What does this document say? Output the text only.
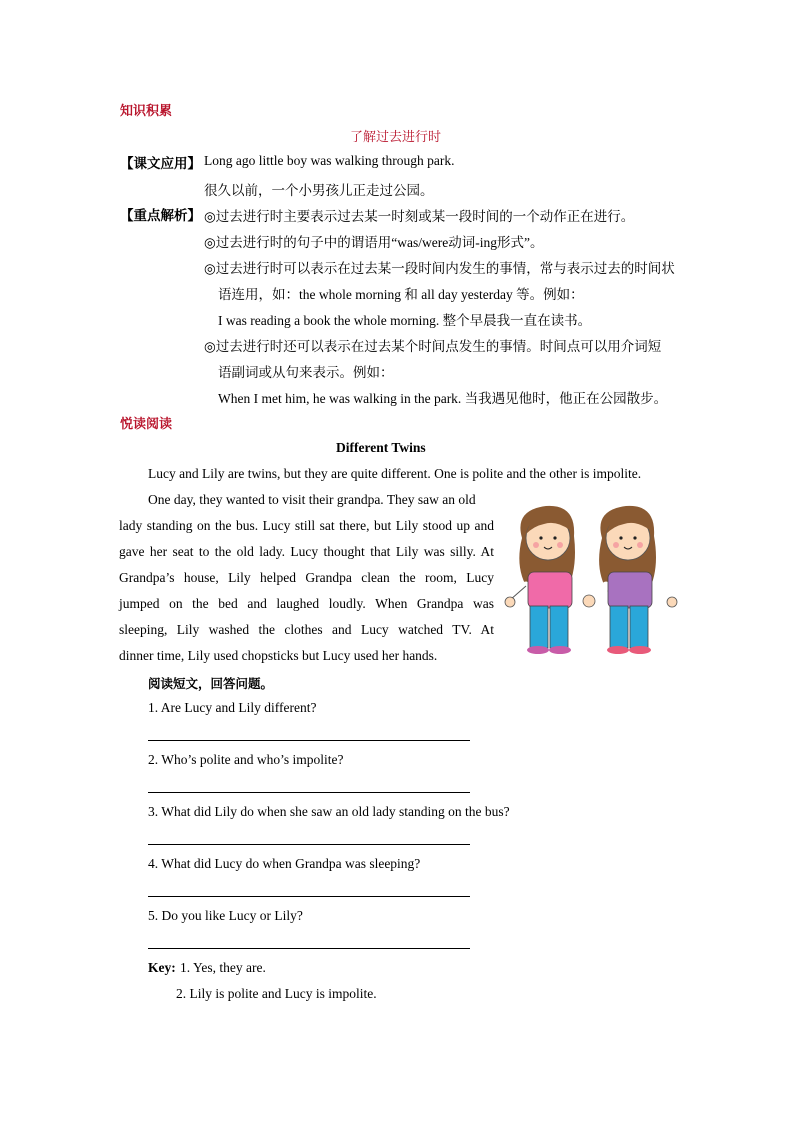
知识积累
了解过去进行时
【课文应用】 Long ago little boy was walking through park.
很久以前，一个小男孩儿正走过公园。
【重点解析】 ◎过去进行时主要表示过去某一时刻或某一段时间的一个动作正在进行。
◎过去进行时的句子中的谓语用“was/were动词-ing形式”。
◎过去进行时可以表示在过去某一段时间内发生的事情，常与表示过去的时间状
语连用，如：the whole morning 和 all day yesterday 等。例如：
I was reading a book the whole morning. 整个早晨我一直在读书。
◎过去进行时还可以表示在过去某个时间点发生的事情。时间点可以用介词短
语副词或从句来表示。例如：
When I met him, he was walking in the park. 当我遇见他时，他正在公园散步。
悦读阅读
Different Twins
Lucy and Lily are twins, but they are quite different. One is polite and the other is impolite.
One day, they wanted to visit their grandpa. They saw an old
lady standing on the bus. Lucy still sat there, but Lily stood up and
gave her seat to the old lady. Lucy thought that Lily was silly. At
Grandpa’s house, Lily helped Grandpa clean the room, Lucy
jumped on the bed and laughed loudly. When Grandpa was
sleeping, Lily washed the clothes and Lucy watched TV. At
dinner time, Lily used chopsticks but Lucy used her hands.
阅读短文，回答问题。
1. Are Lucy and Lily different?
2. Who’s polite and who’s impolite?
3. What did Lily do when she saw an old lady standing on the bus?
4. What did Lucy do when Grandpa was sleeping?
5. Do you like Lucy or Lily?
Key: 1. Yes, they are.
2. Lily is polite and Lucy is impolite.
